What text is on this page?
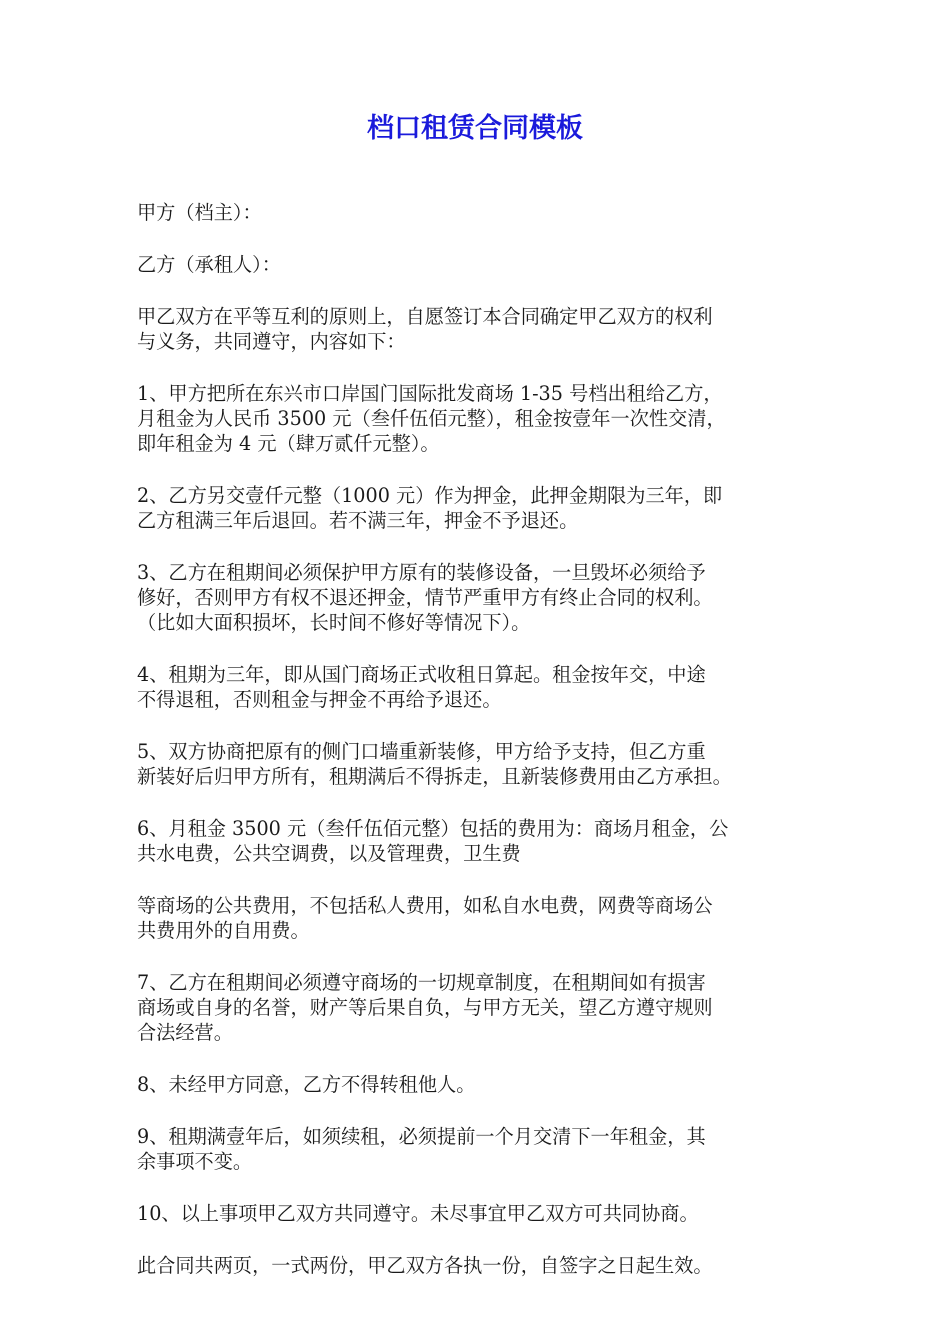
档口租赁合同模板

甲方（档主）：

乙方（承租人）：

甲乙双方在平等互利的原则上，自愿签订本合同确定甲乙双方的权利
与义务，共同遵守，内容如下：

1、甲方把所在东兴市口岸国门国际批发商场 1-35 号档出租给乙方，
月租金为人民币 3500 元（叁仟伍佰元整），租金按壹年一次性交清，
即年租金为 4 元（肆万贰仟元整）。

2、乙方另交壹仟元整（1000 元）作为押金，此押金期限为三年，即
乙方租满三年后退回。若不满三年，押金不予退还。

3、乙方在租期间必须保护甲方原有的装修设备，一旦毁坏必须给予
修好，否则甲方有权不退还押金，情节严重甲方有终止合同的权利。
（比如大面积损坏，长时间不修好等情况下）。

4、租期为三年，即从国门商场正式收租日算起。租金按年交，中途
不得退租，否则租金与押金不再给予退还。

5、双方协商把原有的侧门口墙重新装修，甲方给予支持，但乙方重
新装好后归甲方所有，租期满后不得拆走，且新装修费用由乙方承担。

6、月租金 3500 元（叁仟伍佰元整）包括的费用为：商场月租金，公
共水电费，公共空调费，以及管理费，卫生费

等商场的公共费用，不包括私人费用，如私自水电费，网费等商场公
共费用外的自用费。

7、乙方在租期间必须遵守商场的一切规章制度，在租期间如有损害
商场或自身的名誉，财产等后果自负，与甲方无关，望乙方遵守规则
合法经营。

8、未经甲方同意，乙方不得转租他人。

9、租期满壹年后，如须续租，必须提前一个月交清下一年租金，其
余事项不变。

10、以上事项甲乙双方共同遵守。未尽事宜甲乙双方可共同协商。

此合同共两页，一式两份，甲乙双方各执一份，自签字之日起生效。
